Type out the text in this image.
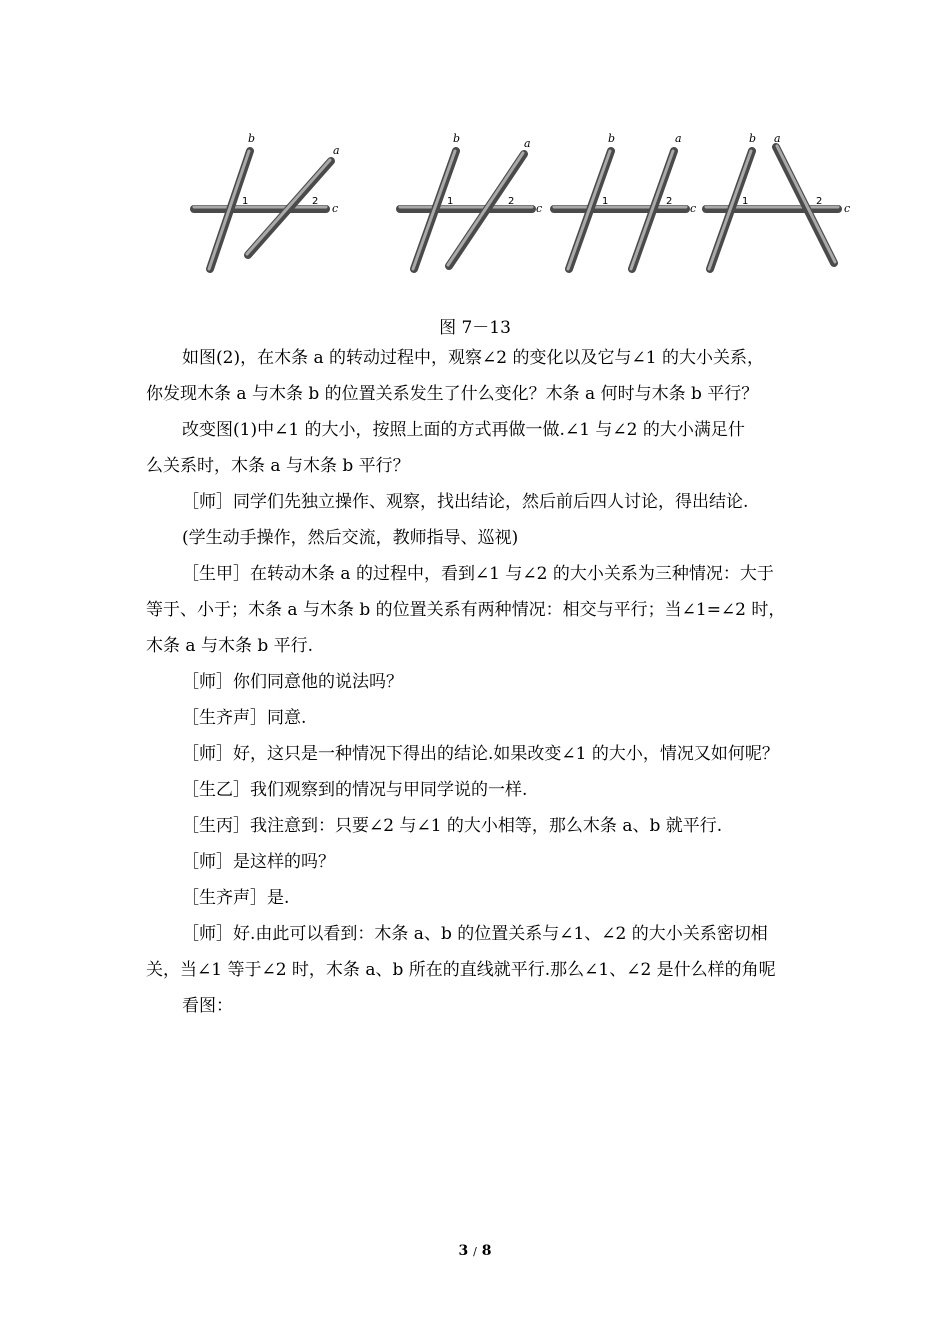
b
a
c
1	2
b	a
c
1	2
b	a
c
1	2
b a
c
1	2
图 7－13

如图(2)，在木条 a 的转动过程中，观察∠2 的变化以及它与∠1 的大小关系，

你发现木条 a 与木条 b 的位置关系发生了什么变化？木条 a 何时与木条 b 平行？

改变图(1)中∠1 的大小，按照上面的方式再做一做.∠1 与∠2 的大小满足什

么关系时，木条 a 与木条 b 平行？

［师］同学们先独立操作、观察，找出结论，然后前后四人讨论，得出结论.

(学生动手操作，然后交流，教师指导、巡视)

［生甲］在转动木条 a 的过程中，看到∠1 与∠2 的大小关系为三种情况：大于

等于、小于；木条 a 与木条 b 的位置关系有两种情况：相交与平行；当∠1=∠2 时，

木条 a 与木条 b 平行.

［师］你们同意他的说法吗？

［生齐声］同意.

［师］好，这只是一种情况下得出的结论.如果改变∠1 的大小，情况又如何呢？

［生乙］我们观察到的情况与甲同学说的一样.

［生丙］我注意到：只要∠2 与∠1 的大小相等，那么木条 a、b 就平行.

［师］是这样的吗？

［生齐声］是.

［师］好.由此可以看到：木条 a、b 的位置关系与∠1、∠2 的大小关系密切相

关，当∠1 等于∠2 时，木条 a、b 所在的直线就平行.那么∠1、∠2 是什么样的角呢

看图：

3 / 8
